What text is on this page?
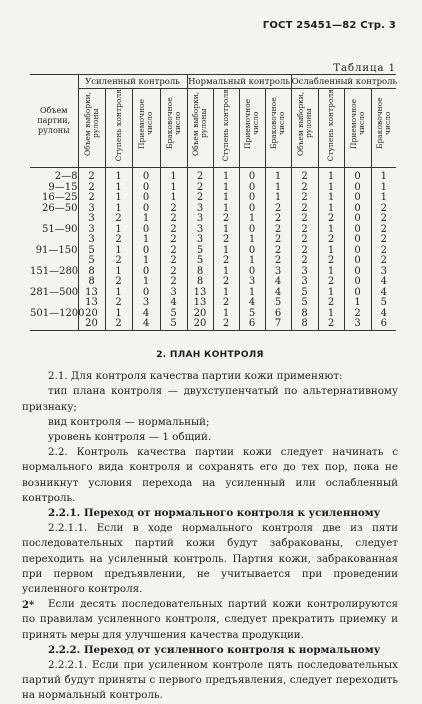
ГОСТ 25451—82 Стр. 3
Таблица 1
Объем
партии,
рулоны	Усиленный контроль				Нормальный контроль				Ослабленный контроль			
	Объем выборки, рулоны	Ступень контроля	Приемочное число	Браковочное число	Объем выборки, рулоны	Ступень контроля	Приемочное число	Браковочное число	Объем выборки, рулоны	Ступень контроля	Приемочное число	Браковочное число
2—8	2	1	0	1	2	1	0	1	2	1	0	1
9—15	2	1	0	1	2	1	0	1	2	1	0	1
16—25	2	1	0	1	2	1	0	1	2	1	0	1
26—50	3	1	0	2	3	1	0	2	2	1	0	2
	3	2	1	2	3	2	1	2	2	2	0	2
51—90	3	1	0	2	3	1	0	2	2	1	0	2
	3	2	1	2	3	2	1	2	2	2	0	2
91—150	5	1	0	2	5	1	0	2	2	1	0	2
	5	2	1	2	5	2	1	2	2	2	0	2
151—280	8	1	0	2	8	1	0	3	3	1	0	3
	8	2	1	2	8	2	3	4	3	2	0	4
281—500	13	1	0	3	13	1	1	4	5	1	0	4
	13	2	3	4	13	2	4	5	5	2	1	5
501—1200	20	1	4	5	20	1	5	6	8	1	2	4
	20	2	4	5	20	2	6	7	8	2	3	6
2. ПЛАН КОНТРОЛЯ

2.1. Для контроля качества партии кожи применяют:

тип плана контроля — двухступенчатый по альтернативному признаку;

вид контроля — нормальный;

уровень контроля — 1 общий.

2.2. Контроль качества партии кожи следует начинать с нормального вида контроля и сохранять его до тех пор, пока не возникнут условия перехода на усиленный или ослабленный контроль.

2.2.1. Переход от нормального контроля к усиленному

2.2.1.1. Если в ходе нормального контроля две из пяти последовательных партий кожи будут забракованы, следует переходить на усиленный контроль. Партия кожи, забракованная при первом предъявлении, не учитывается при проведении усиленного контроля.

Если десять последовательных партий кожи контролируются по правилам усиленного контроля, следует прекратить приемку и принять меры для улучшения качества продукции.

2.2.2. Переход от усиленного контроля к нормальному

2.2.2.1. Если при усиленном контроле пять последовательных партий будут приняты с первого предъявления, следует переходить на нормальный контроль.

2*
